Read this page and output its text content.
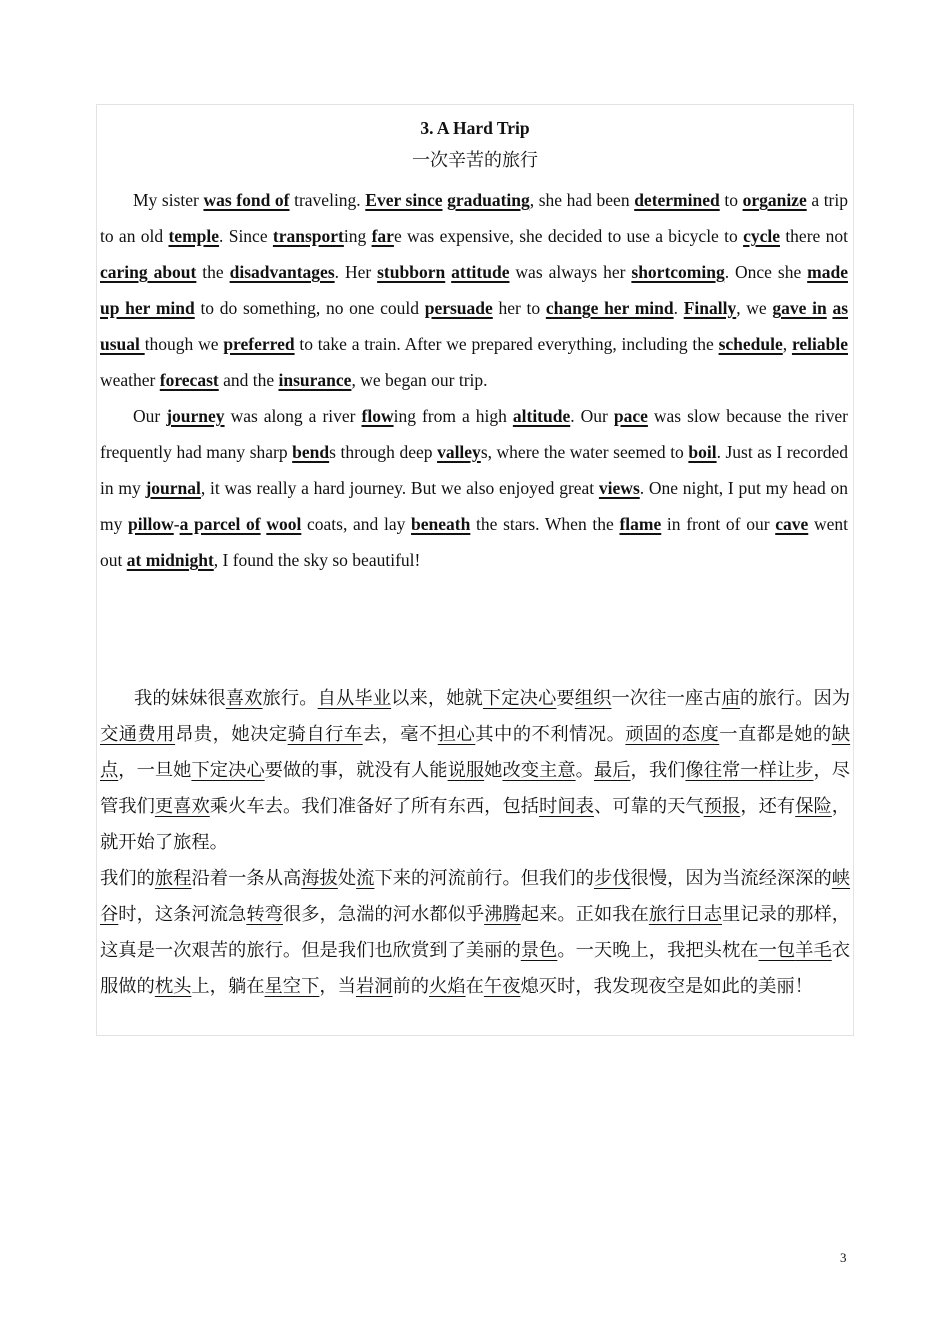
3. A Hard Trip
一次辛苦的旅行

My sister was fond of traveling. Ever since graduating, she had been determined to organize a trip to an old temple. Since transporting fare was expensive, she decided to use a bicycle to cycle there not caring about the disadvantages. Her stubborn attitude was always her shortcoming. Once she made up her mind to do something, no one could persuade her to change her mind. Finally, we gave in as usual though we preferred to take a train. After we prepared everything, including the schedule, reliable weather forecast and the insurance, we began our trip.

Our journey was along a river flowing from a high altitude. Our pace was slow because the river frequently had many sharp bends through deep valleys, where the water seemed to boil. Just as I recorded in my journal, it was really a hard journey. But we also enjoyed great views. One night, I put my head on my pillow-a parcel of wool coats, and lay beneath the stars. When the flame in front of our cave went out at midnight, I found the sky so beautiful!

我的妹妹很喜欢旅行。自从毕业以来，她就下定决心要组织一次往一座古庙的旅行。因为交通费用昂贵，她决定骑自行车去，毫不担心其中的不利情况。顽固的态度一直都是她的缺点，一旦她下定决心要做的事，就没有人能说服她改变主意。最后，我们像往常一样让步，尽管我们更喜欢乘火车去。我们准备好了所有东西，包括时间表、可靠的天气预报，还有保险，就开始了旅程。

我们的旅程沿着一条从高海拔处流下来的河流前行。但我们的步伐很慢，因为当流经深深的峡谷时，这条河流急转弯很多，急湍的河水都似乎沸腾起来。正如我在旅行日志里记录的那样，这真是一次艰苦的旅行。但是我们也欣赏到了美丽的景色。一天晚上，我把头枕在一包羊毛衣服做的枕头上，躺在星空下，当岩洞前的火焰在午夜熄灭时，我发现夜空是如此的美丽！

3
